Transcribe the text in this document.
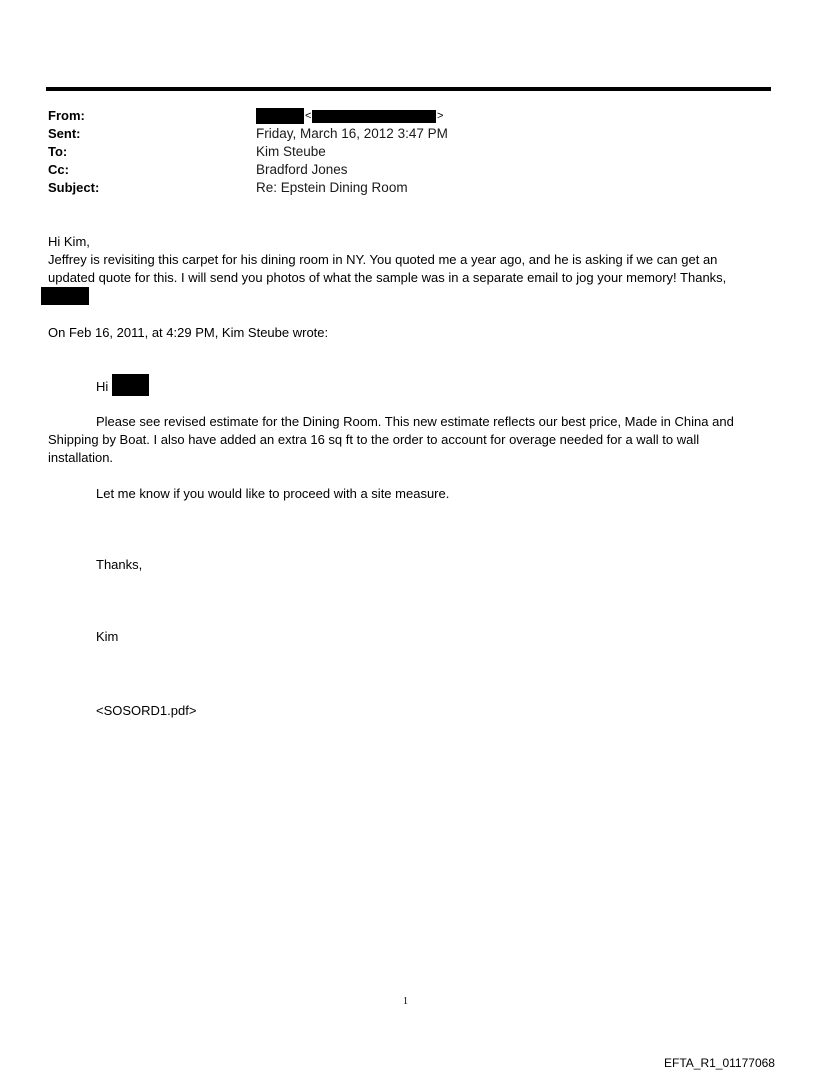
From:
Sent:
To:
Cc:
Subject:
<	>
Friday, March 16, 2012 3:47 PM
Kim Steube
Bradford Jones
Re: Epstein Dining Room
Hi Kim,
Jeffrey is revisiting this carpet for his dining room in NY. You quoted me a year ago, and he is asking if we can get an
updated quote for this. I will send you photos of what the sample was in a separate email to jog your memory! Thanks,
On Feb 16, 2011, at 4:29 PM, Kim Steube wrote:
Hi
Please see revised estimate for the Dining Room. This new estimate reflects our best price, Made in China and
Shipping by Boat. I also have added an extra 16 sq ft to the order to account for overage needed for a wall to wall
installation.
Let me know if you would like to proceed with a site measure.
Thanks,
Kim
<SOSORD1.pdf>
1
EFTA_R1_01177068
